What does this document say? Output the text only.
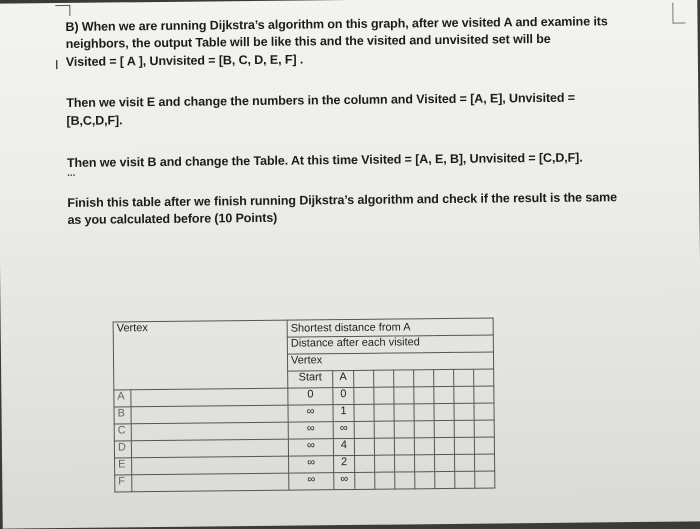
B) When we are running Dijkstra’s algorithm on this graph, after we visited A and examine its
neighbors, the output Table will be like this and the visited and unvisited set will be
I Visited = [ A ], Unvisited = [B, C, D, E, F] .
Then we visit E and change the numbers in the column and Visited = [A, E], Unvisited =
[B,C,D,F].
Then we visit B and change the Table. At this time Visited = [A, E, B], Unvisited = [C,D,F].
...
Finish this table after we finish running Dijkstra’s algorithm and check if the result is the same
as you calculated before (10 Points)
Vertex		Shortest distance from A								
		Distance after each visited								
		Vertex								
		Start	A							
A		0	0							
B		∞	1							
C		∞	∞							
D		∞	4							
E		∞	2							
F		∞	∞							
